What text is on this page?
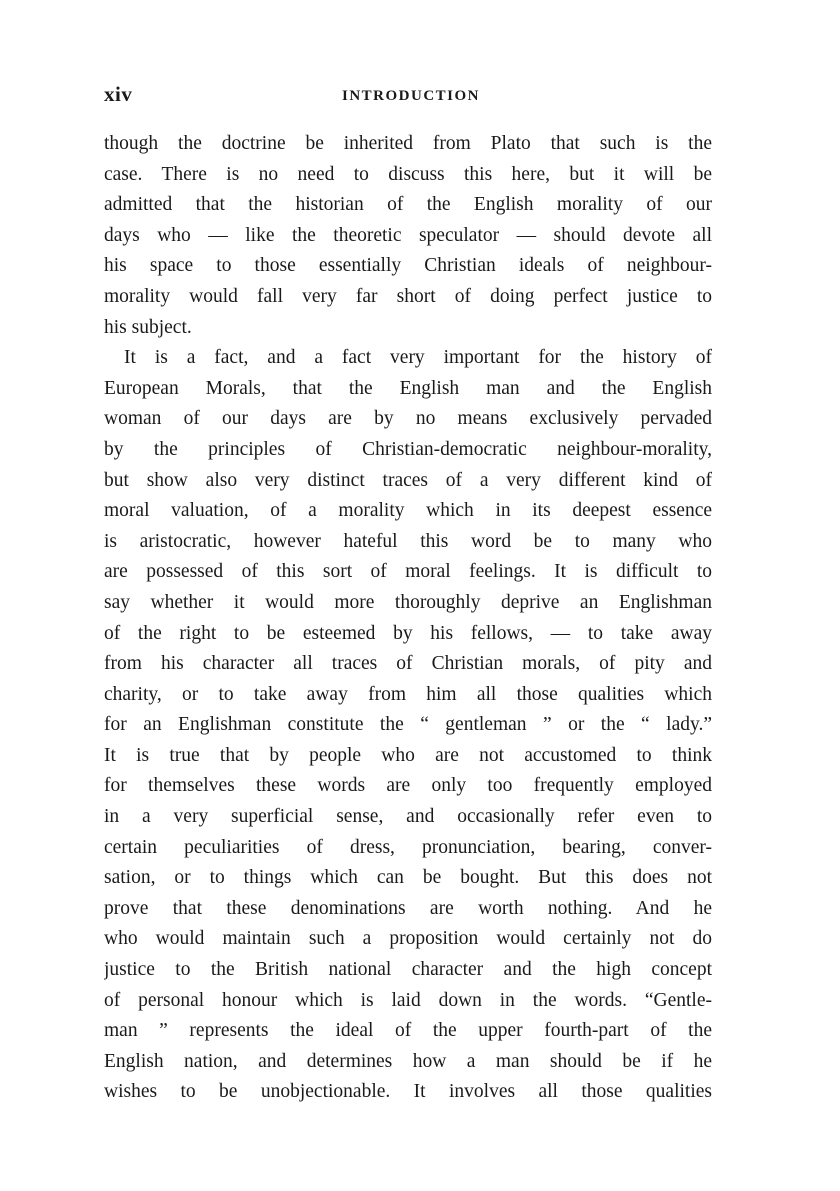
xiv	INTRODUCTION
though the doctrine be inherited from Plato that such is the
case. There is no need to discuss this here, but it will be
admitted that the historian of the English morality of our
days who — like the theoretic speculator — should devote all
his space to those essentially Christian ideals of neighbour-
morality would fall very far short of doing perfect justice to
his subject.
It is a fact, and a fact very important for the history of
European Morals, that the English man and the English
woman of our days are by no means exclusively pervaded
by the principles of Christian-democratic neighbour-morality,
but show also very distinct traces of a very different kind of
moral valuation, of a morality which in its deepest essence
is aristocratic, however hateful this word be to many who
are possessed of this sort of moral feelings. It is difficult to
say whether it would more thoroughly deprive an Englishman
of the right to be esteemed by his fellows, — to take away
from his character all traces of Christian morals, of pity and
charity, or to take away from him all those qualities which
for an Englishman constitute the “ gentleman ” or the “ lady.”
It is true that by people who are not accustomed to think
for themselves these words are only too frequently employed
in a very superficial sense, and occasionally refer even to
certain peculiarities of dress, pronunciation, bearing, conver-
sation, or to things which can be bought. But this does not
prove that these denominations are worth nothing. And he
who would maintain such a proposition would certainly not do
justice to the British national character and the high concept
of personal honour which is laid down in the words. “Gentle-
man ” represents the ideal of the upper fourth-part of the
English nation, and determines how a man should be if he
wishes to be unobjectionable. It involves all those qualities
